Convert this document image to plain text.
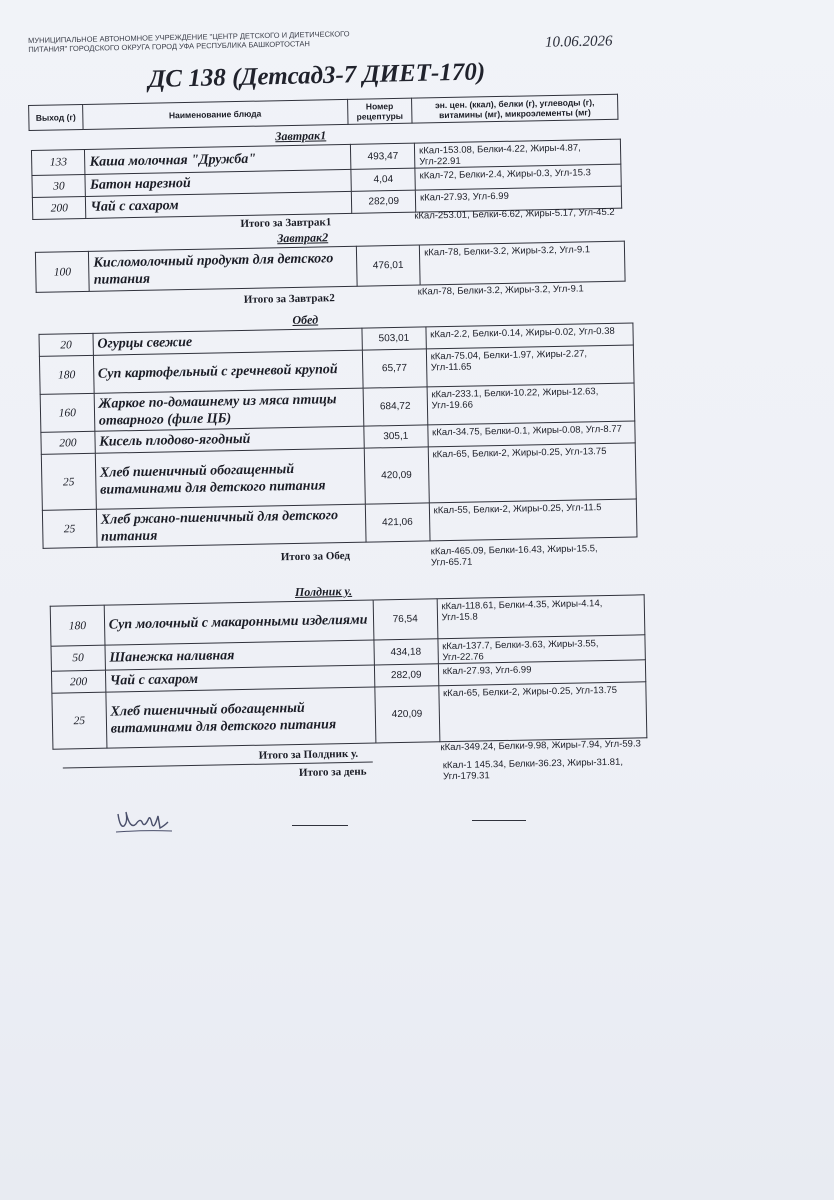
МУНИЦИПАЛЬНОЕ АВТОНОМНОЕ УЧРЕЖДЕНИЕ "ЦЕНТР ДЕТСКОГО И ДИЕТИЧЕСКОГО ПИТАНИЯ" ГОРОДСКОГО ОКРУГА ГОРОД УФА РЕСПУБЛИКА БАШКОРТОСТАН	10.06.2026
ДС 138 (Детсад3-7 ДИЕТ-170)
Выход (г)	Наименование блюда	Номер рецептуры	эн. цен. (ккал), белки (г), углеводы (г), витамины (мг), микроэлементы (мг)
Завтрак1
133	Каша молочная "Дружба"	493,47	кКал-153.08, Белки-4.22, Жиры-4.87, Угл-22.91
30	Батон нарезной	4,04	кКал-72, Белки-2.4, Жиры-0.3, Угл-15.3
200	Чай с сахаром	282,09	кКал-27.93, Угл-6.99
Итого за Завтрак1
кКал-253.01, Белки-6.62, Жиры-5.17, Угл-45.2
Завтрак2
100	Кисломолочный продукт для детского питания	476,01	кКал-78, Белки-3.2, Жиры-3.2, Угл-9.1
Итого за Завтрак2
кКал-78, Белки-3.2, Жиры-3.2, Угл-9.1
Обед
20	Огурцы свежие	503,01	кКал-2.2, Белки-0.14, Жиры-0.02, Угл-0.38
180	Суп картофельный с гречневой крупой	65,77	кКал-75.04, Белки-1.97, Жиры-2.27, Угл-11.65
160	Жаркое по-домашнему из мяса птицы отварного (филе ЦБ)	684,72	кКал-233.1, Белки-10.22, Жиры-12.63, Угл-19.66
200	Кисель плодово-ягодный	305,1	кКал-34.75, Белки-0.1, Жиры-0.08, Угл-8.77
25	Хлеб пшеничный обогащенный витаминами для детского питания	420,09	кКал-65, Белки-2, Жиры-0.25, Угл-13.75
25	Хлеб ржано-пшеничный для детского питания	421,06	кКал-55, Белки-2, Жиры-0.25, Угл-11.5
Итого за Обед	кКал-465.09, Белки-16.43, Жиры-15.5, Угл-65.71
Полдник у.
180	Суп молочный с макаронными изделиями	76,54	кКал-118.61, Белки-4.35, Жиры-4.14, Угл-15.8
50	Шанежка наливная	434,18	кКал-137.7, Белки-3.63, Жиры-3.55, Угл-22.76
200	Чай с сахаром	282,09	кКал-27.93, Угл-6.99
25	Хлеб пшеничный обогащенный витаминами для детского питания	420,09	кКал-65, Белки-2, Жиры-0.25, Угл-13.75
Итого за Полдник у.
кКал-349.24, Белки-9.98, Жиры-7.94, Угл-59.3
Итого за день
кКал-1 145.34, Белки-36.23, Жиры-31.81, Угл-179.31
